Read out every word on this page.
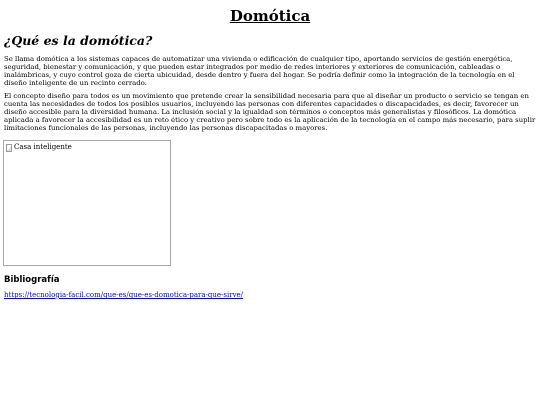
Domótica
¿Qué es la domótica?

Se llama domótica a los sistemas capaces de automatizar una vivienda o edificación de cualquier tipo, aportando servicios de gestión energética, seguridad, bienestar y comunicación, y que pueden estar integrados por medio de redes interiores y exteriores de comunicación, cableadas o inalámbricas, y cuyo control goza de cierta ubicuidad, desde dentro y fuera del hogar. Se podría definir como la integración de la tecnología en el diseño inteligente de un recinto cerrado.

El concepto diseño para todos es un movimiento que pretende crear la sensibilidad necesaria para que al diseñar un producto o servicio se tengan en cuenta las necesidades de todos los posibles usuarios, incluyendo las personas con diferentes capacidades o discapacidades, es decir, favorecer un diseño accesible para la diversidad humana. La inclusión social y la igualdad son términos o conceptos más generalistas y filosóficos. La domótica aplicada a favorecer la accesibilidad es un reto ético y creativo pero sobre todo es la aplicación de la tecnología en el campo más necesario, para suplir limitaciones funcionales de las personas, incluyendo las personas discapacitadas o mayores.

Casa inteligente
Bibliografía
https://tecnologia-facil.com/que-es/que-es-domotica-para-que-sirve/
